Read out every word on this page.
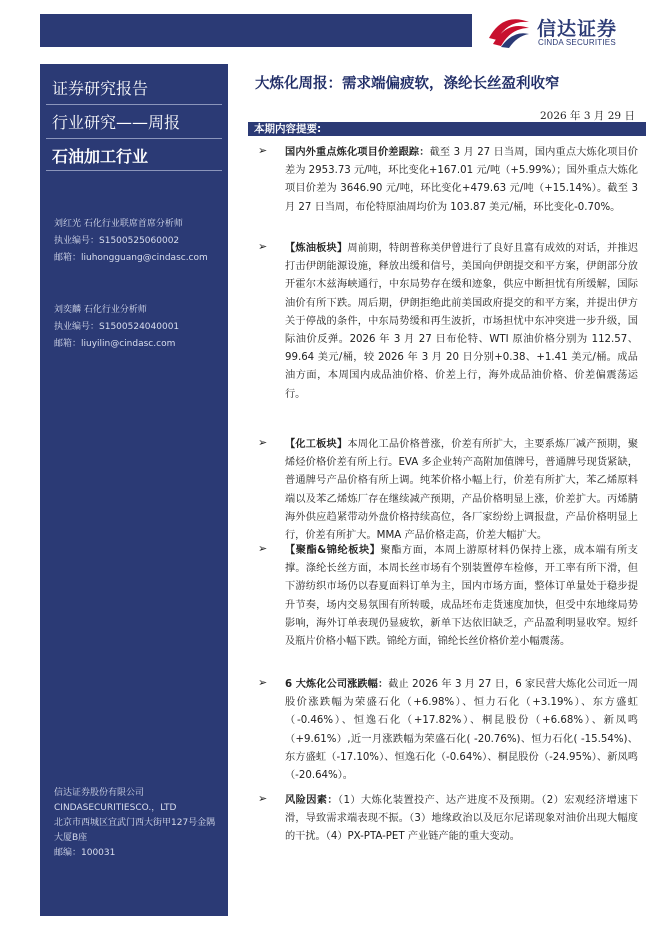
信达证券
CINDA SECURITIES
证券研究报告
行业研究——周报
石油加工行业
刘红光 石化行业联席首席分析师
执业编号：S1500525060002
邮箱：liuhongguang@cindasc.com
刘奕麟 石化行业分析师
执业编号：S1500524040001
邮箱：liuyilin@cindasc.com
信达证券股份有限公司
CINDASECURITIESCO.，LTD
北京市西城区宜武门西大街甲127号金隅大厦B座
邮编：100031
大炼化周报：需求端偏疲软，涤纶长丝盈利收窄
2026 年 3 月 29 日
本期内容提要:
➢ 国内外重点炼化项目价差跟踪：截至 3 月 27 日当周，国内重点大炼化项目价差为 2953.73 元/吨，环比变化+167.01 元/吨（+5.99%）；国外重点大炼化项目价差为 3646.90 元/吨，环比变化+479.63 元/吨（+15.14%）。截至 3 月 27 日当周，布伦特原油周均价为 103.87 美元/桶，环比变化-0.70%。
➢ 【炼油板块】周前期，特朗普称美伊曾进行了良好且富有成效的对话，并推迟打击伊朗能源设施，释放出缓和信号，美国向伊朗提交和平方案，伊朗部分放开霍尔木兹海峡通行，中东局势存在缓和迹象，供应中断担忧有所缓解，国际油价有所下跌。周后期，伊朗拒绝此前美国政府提交的和平方案，并提出伊方关于停战的条件，中东局势缓和再生波折，市场担忧中东冲突进一步升级，国际油价反弹。2026 年 3 月 27 日布伦特、WTI 原油价格分别为 112.57、99.64 美元/桶，较 2026 年 3 月 20 日分别+0.38、+1.41 美元/桶。成品油方面，本周国内成品油价格、价差上行，海外成品油价格、价差偏震荡运行。
➢ 【化工板块】本周化工品价格普涨，价差有所扩大，主要系炼厂减产预期，聚烯烃价格价差有所上行。EVA 多企业转产高附加值牌号，普通牌号现货紧缺，普通牌号产品价格有所上调。纯苯价格小幅上行，价差有所扩大，苯乙烯原料端以及苯乙烯炼厂存在继续减产预期，产品价格明显上涨，价差扩大。丙烯腈海外供应趋紧带动外盘价格持续高位，各厂家纷纷上调报盘，产品价格明显上行，价差有所扩大。MMA 产品价格走高，价差大幅扩大。
➢ 【聚酯&锦纶板块】聚酯方面，本周上游原材料仍保持上涨，成本端有所支撑。涤纶长丝方面，本周长丝市场有个别装置停车检修，开工率有所下滑，但下游纺织市场仍以春夏面料订单为主，国内市场方面，整体订单量处于稳步提升节奏，场内交易氛围有所转暖，成品坯布走货速度加快，但受中东地缘局势影响，海外订单表现仍显疲软，新单下达依旧缺乏，产品盈利明显收窄。短纤及瓶片价格小幅下跌。锦纶方面，锦纶长丝价格价差小幅震荡。
➢ 6 大炼化公司涨跌幅：截止 2026 年 3 月 27 日，6 家民营大炼化公司近一周股价涨跌幅为荣盛石化（+6.98%）、恒力石化（+3.19%）、东方盛虹（-0.46%）、恒逸石化（+17.82%）、桐昆股份（+6.68%）、新凤鸣（+9.61%）,近一月涨跌幅为荣盛石化( -20.76%)、恒力石化( -15.54%)、东方盛虹（-17.10%）、恒逸石化（-0.64%）、桐昆股份（-24.95%）、新凤鸣（-20.64%）。
➢ 风险因素：（1）大炼化装置投产、达产进度不及预期。（2）宏观经济增速下滑，导致需求端表现不振。（3）地缘政治以及厄尔尼诺现象对油价出现大幅度的干扰。（4）PX-PTA-PET 产业链产能的重大变动。
